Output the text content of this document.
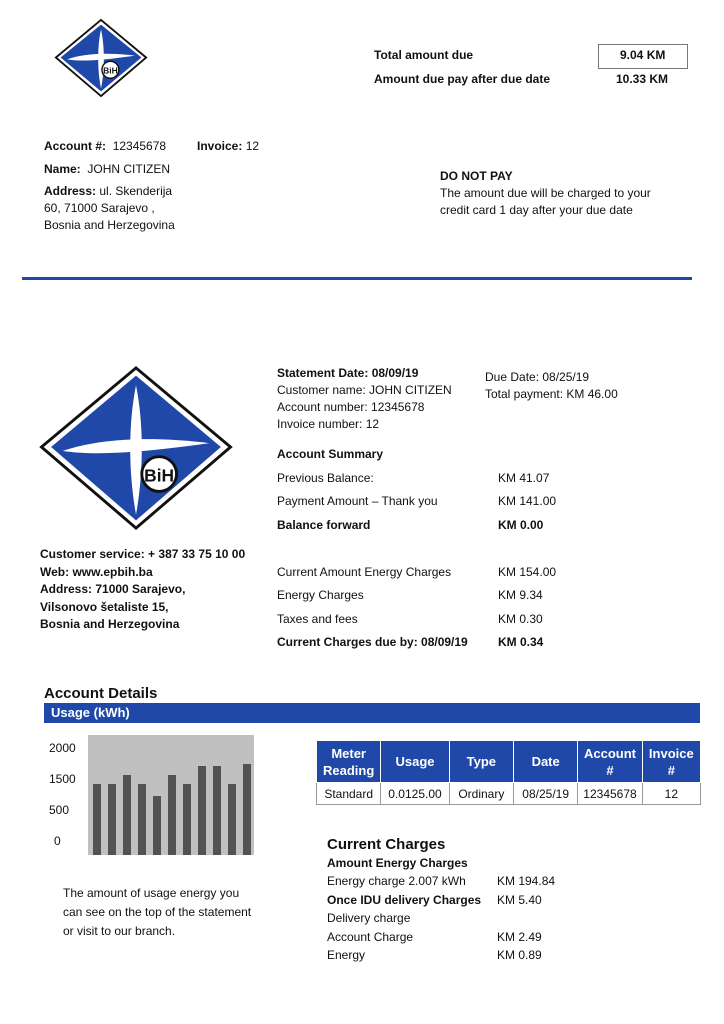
BiH
Total amount due	9.04 KM
Amount due pay after due date	10.33 KM
Account #: 12345678	Invoice: 12
Name: JOHN CITIZEN
Address: ul. Skenderija
60, 71000 Sarajevo ,
Bosnia and Herzegovina
DO NOT PAY
The amount due will be charged to your
credit card 1 day after your due date
BiH
Customer service: + 387 33 75 10 00
Web: www.epbih.ba
Address: 71000 Sarajevo,
Vilsonovo šetaliste 15,
Bosnia and Herzegovina
Statement Date: 08/09/19
Customer name: JOHN CITIZEN
Account number: 12345678
Invoice number: 12
Due Date: 08/25/19
Total payment: KM 46.00
Account Summary
Previous Balance:	KM 41.07
Payment Amount – Thank you	KM 141.00
Balance forward	KM 0.00
Current Amount Energy Charges	KM 154.00
Energy Charges	KM 9.34
Taxes and fees	KM 0.30
Current Charges due by: 08/09/19	KM 0.34
Account Details
Usage (kWh)
2000
1500
500
0
The amount of usage energy you
can see on the top of the statement
or visit to our branch.
Meter Reading	Usage	Type	Date	Account #	Invoice #
Standard	0.0125.00	Ordinary	08/25/19	12345678	12
Current Charges
Amount Energy Charges
Energy charge 2.007 kWh	KM 194.84
Once IDU delivery Charges KM 5.40
Delivery charge
Account Charge	KM 2.49
Energy	KM 0.89
